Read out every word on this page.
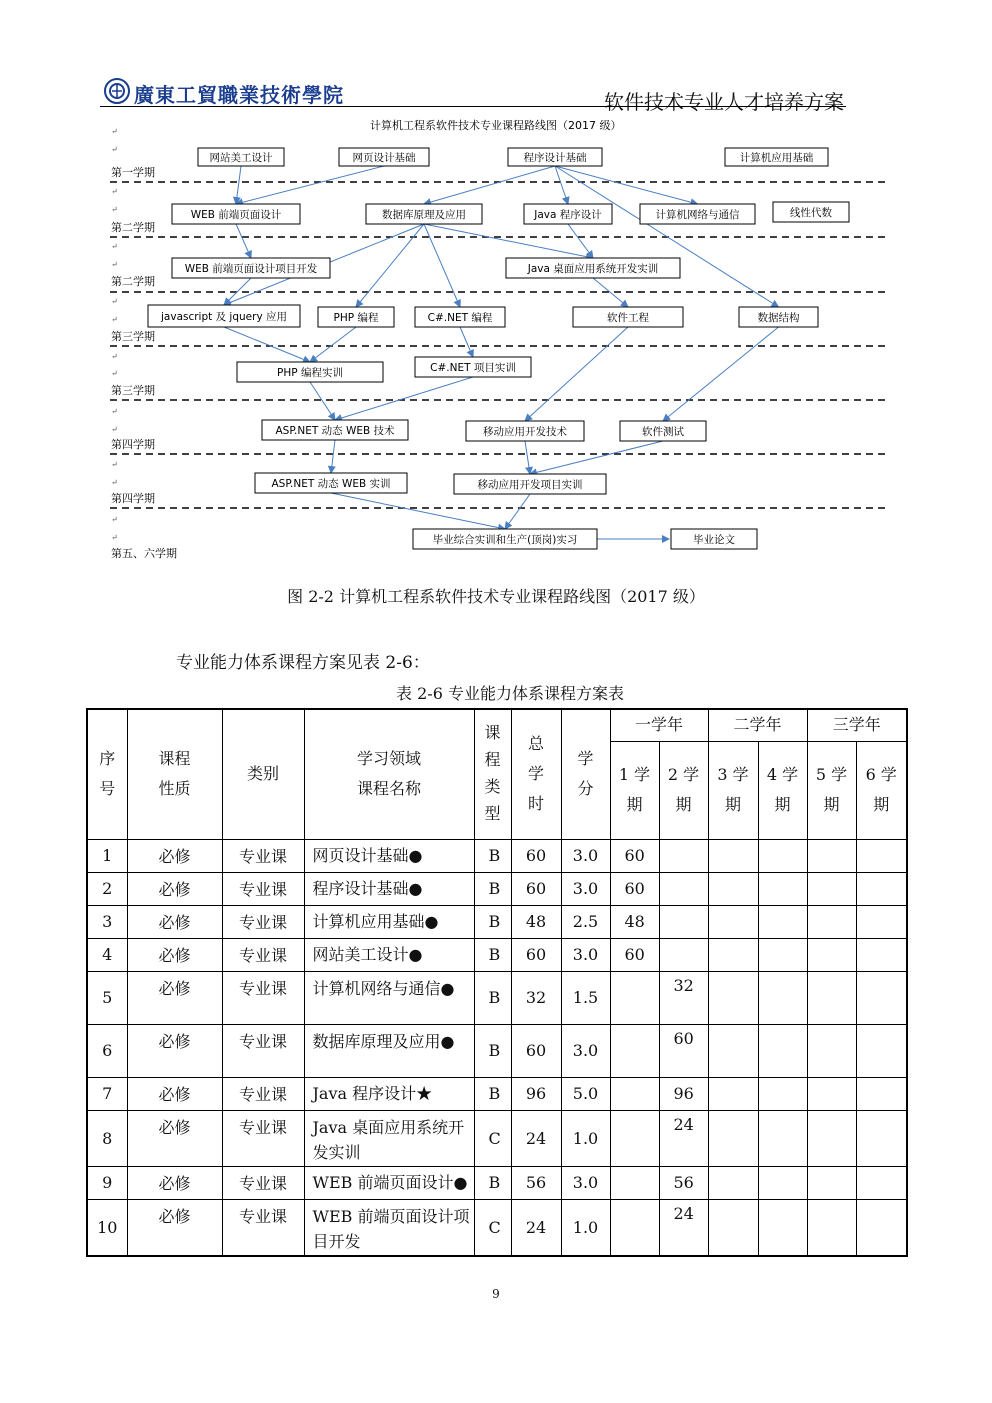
廣東工貿職業技術學院	软件技术专业人才培养方案
计算机工程系软件技术专业课程路线图（2017 级）
第一学期
第二学期
第二学期
第三学期
第三学期
第四学期
第四学期
第五、六学期
↵
↵
↵
↵
↵
↵
↵
↵
↵
↵
↵
↵
↵
↵
↵
↵
网站美工设计	网页设计基础	程序设计基础	计算机应用基础
WEB 前端页面设计	数据库原理及应用	Java 程序设计	计算机网络与通信	线性代数
WEB 前端页面设计项目开发	Java 桌面应用系统开发实训
javascript 及 jquery 应用	PHP 编程	C#.NET 编程	软件工程	数据结构
PHP 编程实训	C#.NET 项目实训
ASP.NET 动态 WEB 技术	移动应用开发技术	软件测试
ASP.NET 动态 WEB 实训	移动应用开发项目实训
毕业综合实训和生产(顶岗)实习	毕业论文
图 2-2 计算机工程系软件技术专业课程路线图（2017 级）
专业能力体系课程方案见表 2-6：
表 2-6 专业能力体系课程方案表
序号	课程性质	类别	学习领域课程名称	课程类型	总学时	学分	一学年		二学年		三学年	
							1 学期	2 学期	3 学期	4 学期	5 学期	6 学期
1	必修	专业课	网页设计基础●	B	60	3.0	60					
2	必修	专业课	程序设计基础●	B	60	3.0	60					
3	必修	专业课	计算机应用基础●	B	48	2.5	48					
4	必修	专业课	网站美工设计●	B	60	3.0	60					
5	必修	专业课	计算机网络与通信●	B	32	1.5		32				
6	必修	专业课	数据库原理及应用●	B	60	3.0		60				
7	必修	专业课	Java 程序设计★	B	96	5.0		96				
8	必修	专业课	Java 桌面应用系统开发实训	C	24	1.0		24				
9	必修	专业课	WEB 前端页面设计●	B	56	3.0		56				
10	必修	专业课	WEB 前端页面设计项目开发	C	24	1.0		24				
9
